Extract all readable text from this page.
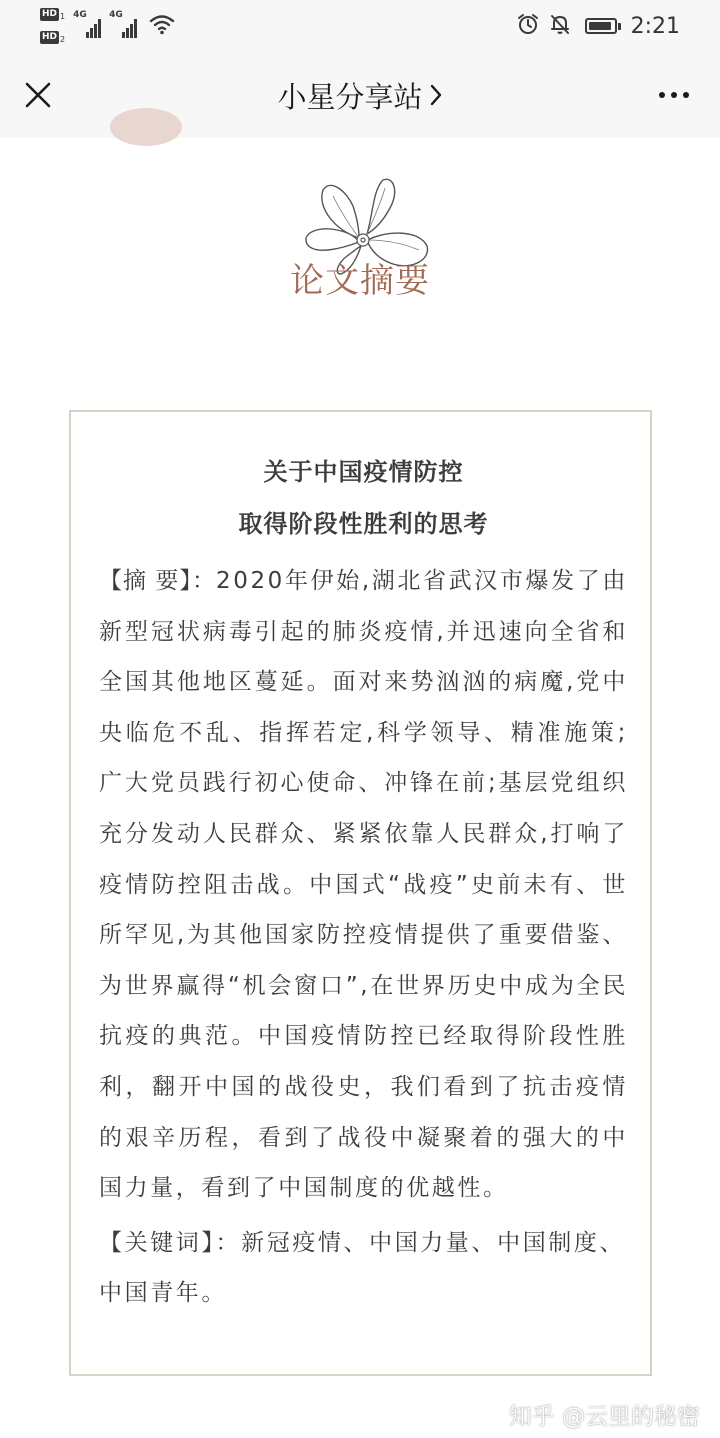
HD 1
HD 2
4G 4G	2:21
小星分享站
论文摘要
关于中国疫情防控
取得阶段性胜利的思考
【摘 要】：2020年伊始,湖北省武汉市爆发了由新型冠状病毒引起的肺炎疫情,并迅速向全省和全国其他地区蔓延。面对来势汹汹的病魔,党中央临危不乱、指挥若定,科学领导、精准施策;广大党员践行初心使命、冲锋在前;基层党组织充分发动人民群众、紧紧依靠人民群众,打响了疫情防控阻击战。中国式“战疫”史前未有、世所罕见,为其他国家防控疫情提供了重要借鉴、为世界赢得“机会窗口”,在世界历史中成为全民抗疫的典范。中国疫情防控已经取得阶段性胜利，翻开中国的战役史，我们看到了抗击疫情的艰辛历程，看到了战役中凝聚着的强大的中国力量，看到了中国制度的优越性。
【关键词】：新冠疫情、中国力量、中国制度、中国青年。
知乎 @云里的秘密
